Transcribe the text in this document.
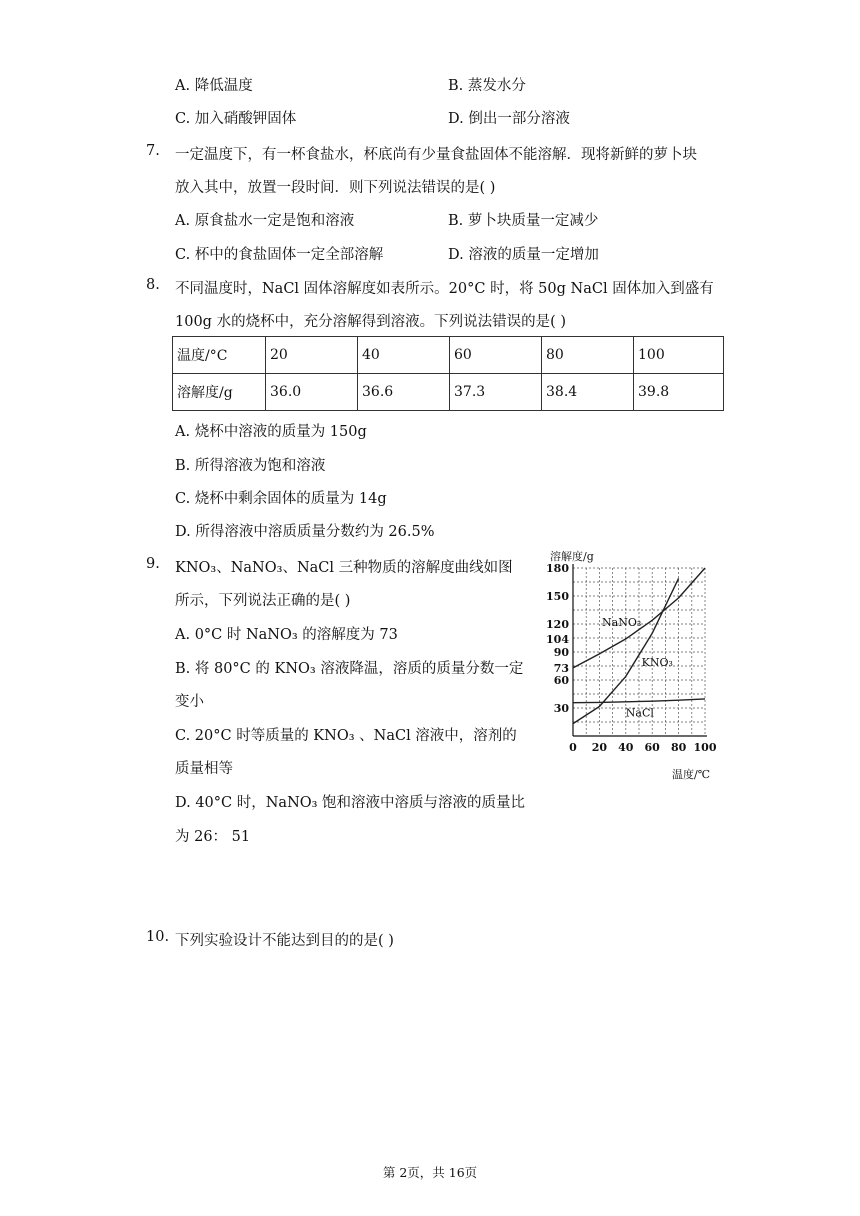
A. 降低温度	B. 蒸发水分
C. 加入硝酸钾固体	D. 倒出一部分溶液
7. 一定温度下，有一杯食盐水，杯底尚有少量食盐固体不能溶解．现将新鲜的萝卜块
放入其中，放置一段时间．则下列说法错误的是( )
A. 原食盐水一定是饱和溶液	B. 萝卜块质量一定减少
C. 杯中的食盐固体一定全部溶解	D. 溶液的质量一定增加
8. 不同温度时，NaCl 固体溶解度如表所示。20°C 时，将 50g NaCl 固体加入到盛有
100g 水的烧杯中，充分溶解得到溶液。下列说法错误的是( )
温度/°C	20	40	60	80	100
溶解度/g	36.0	36.6	37.3	38.4	39.8
A. 烧杯中溶液的质量为 150g
B. 所得溶液为饱和溶液
C. 烧杯中剩余固体的质量为 14g
D. 所得溶液中溶质质量分数约为 26.5%
9. KNO₃、NaNO₃、NaCl 三种物质的溶解度曲线如图
所示，下列说法正确的是( )
A. 0°C 时 NaNO₃ 的溶解度为 73
B. 将 80°C 的 KNO₃ 溶液降温，溶质的质量分数一定
变小
C. 20°C 时等质量的 KNO₃ 、NaCl 溶液中，溶剂的
质量相等
D. 40°C 时，NaNO₃ 饱和溶液中溶质与溶液的质量比
为 26： 51
30
60
73
90
104
120
150
180
0 20 40 60 80 100
溶解度/g
温度/℃
NaNO₃
KNO₃
NaCl
10. 下列实验设计不能达到目的的是( )
第 2页，共 16页
